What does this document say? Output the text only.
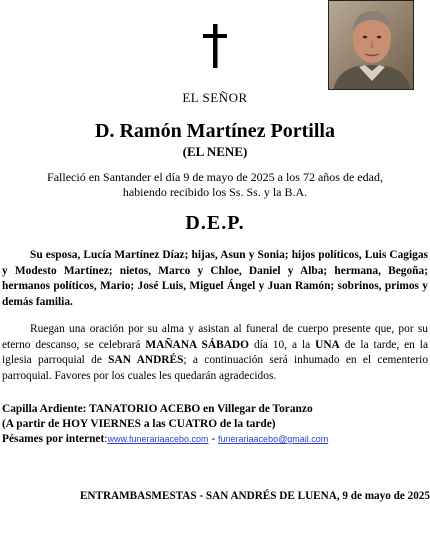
EL SEÑOR
D. Ramón Martínez Portilla
(EL NENE)
Falleció en Santander el día 9 de mayo de 2025 a los 72 años de edad,
habiendo recibido los Ss. Ss. y la B.A.
D.E.P.

Su esposa, Lucía Martínez Díaz; hijas, Asun y Sonia; hijos políticos, Luis Cagigas y Modesto Martínez; nietos, Marco y Chloe, Daniel y Alba; hermana, Begoña; hermanos políticos, Mario; José Luis, Miguel Ángel y Juan Ramón; sobrinos, primos y demás familia.

Ruegan una oración por su alma y asistan al funeral de cuerpo presente que, por su eterno descanso, se celebrará MAÑANA SÁBADO día 10, a la UNA de la tarde, en la iglesia parroquial de SAN ANDRÉS; a continuación será inhumado en el cementerio parroquial. Favores por los cuales les quedarán agradecidos.

Capilla Ardiente: TANATORIO ACEBO en Villegar de Toranzo
(A partir de HOY VIERNES a las CUATRO de la tarde)
Pésames por internet:www.funerariaacebo.com - funerariaacebo@gmail.com
ENTRAMBASMESTAS - SAN ANDRÉS DE LUENA, 9 de mayo de 2025
